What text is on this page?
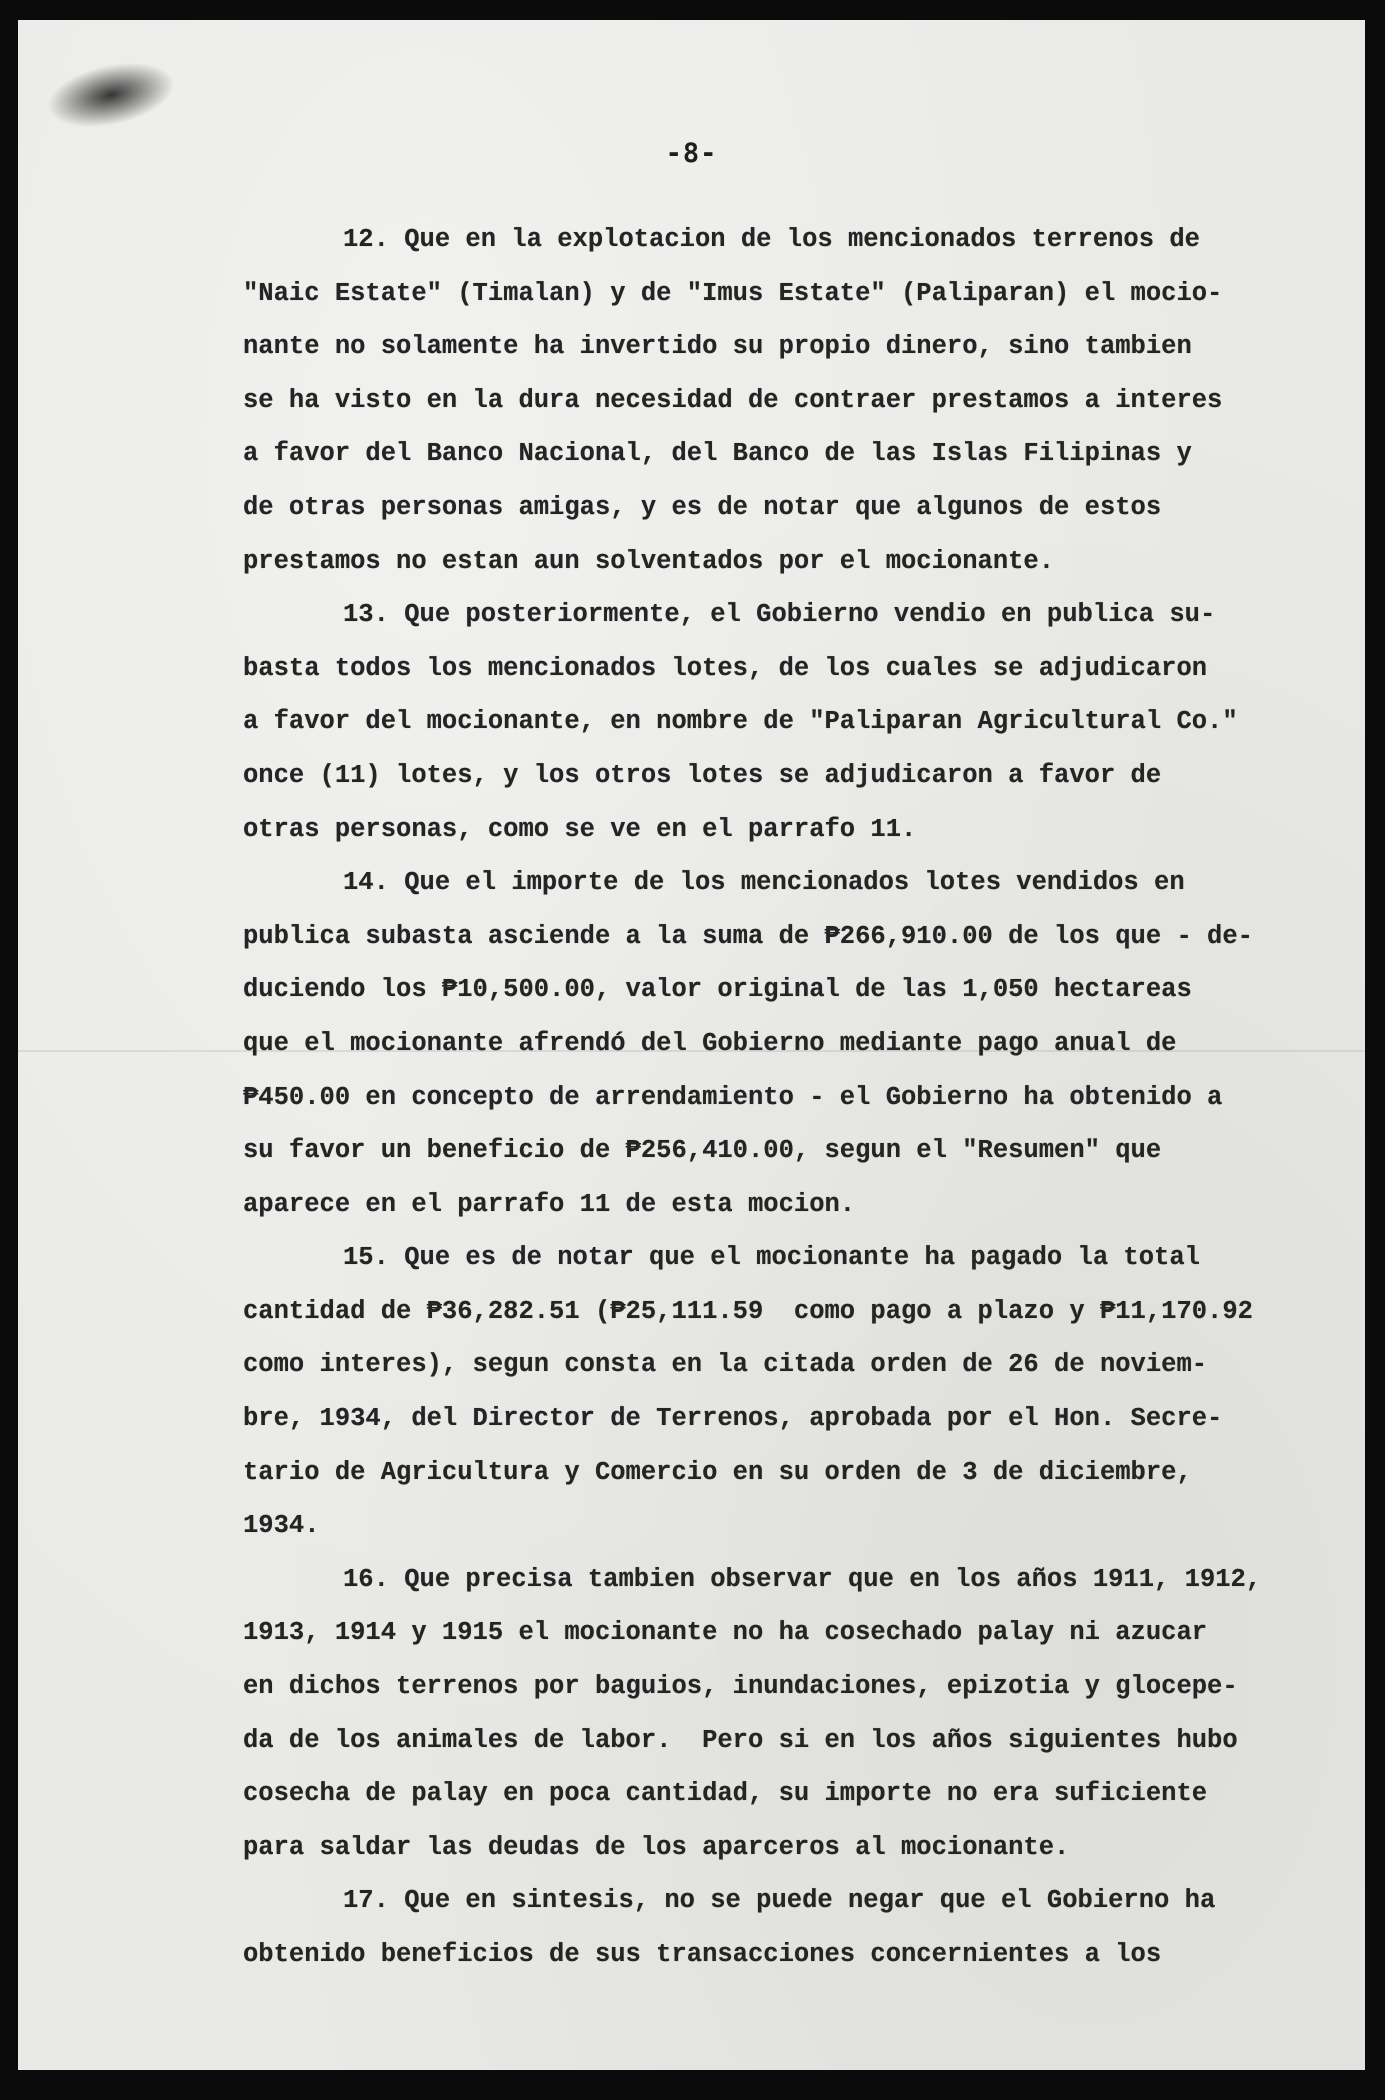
-8-
12. Que en la explotacion de los mencionados terrenos de
"Naic Estate" (Timalan) y de "Imus Estate" (Paliparan) el mocio-
nante no solamente ha invertido su propio dinero, sino tambien
se ha visto en la dura necesidad de contraer prestamos a interes
a favor del Banco Nacional, del Banco de las Islas Filipinas y
de otras personas amigas, y es de notar que algunos de estos
prestamos no estan aun solventados por el mocionante.
13. Que posteriormente, el Gobierno vendio en publica su-
basta todos los mencionados lotes, de los cuales se adjudicaron
a favor del mocionante, en nombre de "Paliparan Agricultural Co."
once (11) lotes, y los otros lotes se adjudicaron a favor de
otras personas, como se ve en el parrafo 11.
14. Que el importe de los mencionados lotes vendidos en
publica subasta asciende a la suma de ₱266,910.00 de los que - de-
duciendo los ₱10,500.00, valor original de las 1,050 hectareas
que el mocionante afrendó del Gobierno mediante pago anual de
₱450.00 en concepto de arrendamiento - el Gobierno ha obtenido a
su favor un beneficio de ₱256,410.00, segun el "Resumen" que
aparece en el parrafo 11 de esta mocion.
15. Que es de notar que el mocionante ha pagado la total
cantidad de ₱36,282.51 (₱25,111.59  como pago a plazo y ₱11,170.92
como interes), segun consta en la citada orden de 26 de noviem-
bre, 1934, del Director de Terrenos, aprobada por el Hon. Secre-
tario de Agricultura y Comercio en su orden de 3 de diciembre,
1934.
16. Que precisa tambien observar que en los años 1911, 1912,
1913, 1914 y 1915 el mocionante no ha cosechado palay ni azucar
en dichos terrenos por baguios, inundaciones, epizotia y glocepe-
da de los animales de labor.  Pero si en los años siguientes hubo
cosecha de palay en poca cantidad, su importe no era suficiente
para saldar las deudas de los aparceros al mocionante.
17. Que en sintesis, no se puede negar que el Gobierno ha
obtenido beneficios de sus transacciones concernientes a los
